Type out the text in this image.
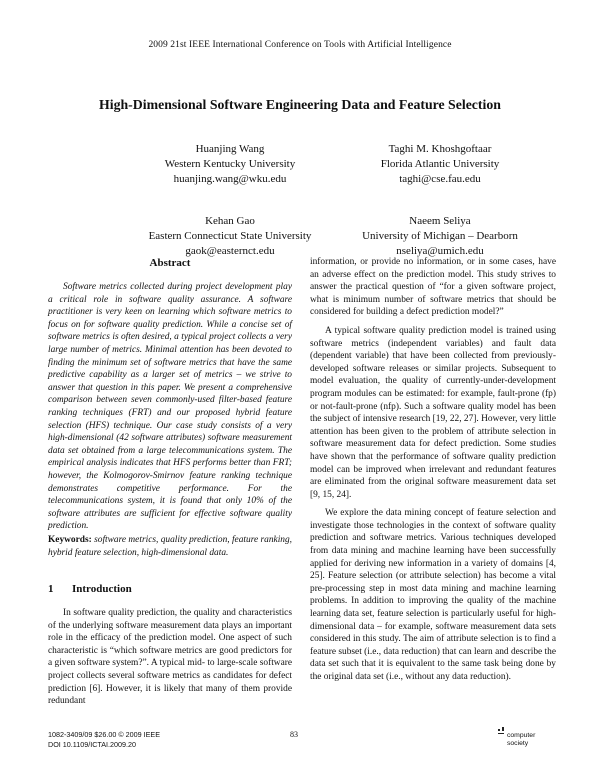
2009 21st IEEE International Conference on Tools with Artificial Intelligence
High-Dimensional Software Engineering Data and Feature Selection
Huanjing Wang
Western Kentucky University
huanjing.wang@wku.edu
Taghi M. Khoshgoftaar
Florida Atlantic University
taghi@cse.fau.edu
Kehan Gao
Eastern Connecticut State University
gaok@easternct.edu
Naeem Seliya
University of Michigan – Dearborn
nseliya@umich.edu
Abstract

Software metrics collected during project development play a critical role in software quality assurance. A software practitioner is very keen on learning which software metrics to focus on for software quality prediction. While a concise set of software metrics is often desired, a typical project collects a very large number of metrics. Minimal attention has been devoted to finding the minimum set of software metrics that have the same predictive capability as a larger set of metrics – we strive to answer that question in this paper. We present a comprehensive comparison between seven commonly-used filter-based feature ranking techniques (FRT) and our proposed hybrid feature selection (HFS) technique. Our case study consists of a very high-dimensional (42 software attributes) software measurement data set obtained from a large telecommunications system. The empirical analysis indicates that HFS performs better than FRT; however, the Kolmogorov-Smirnov feature ranking technique demonstrates competitive performance. For the telecommunications system, it is found that only 10% of the software attributes are sufficient for effective software quality prediction.

Keywords: software metrics, quality prediction, feature ranking, hybrid feature selection, high-dimensional data.
1 Introduction

In software quality prediction, the quality and characteristics of the underlying software measurement data plays an important role in the efficacy of the prediction model. One aspect of such characteristic is “which software metrics are good predictors for a given software system?”. A typical mid- to large-scale software project collects several software metrics as candidates for defect prediction [6]. However, it is likely that many of them provide redundant

information, or provide no information, or in some cases, have an adverse effect on the prediction model. This study strives to answer the practical question of “for a given software project, what is minimum number of software metrics that should be considered for building a defect prediction model?”

A typical software quality prediction model is trained using software metrics (independent variables) and fault data (dependent variable) that have been collected from previously-developed software releases or similar projects. Subsequent to model evaluation, the quality of currently-under-development program modules can be estimated: for example, fault-prone (fp) or not-fault-prone (nfp). Such a software quality model has been the subject of intensive research [19, 22, 27]. However, very little attention has been given to the problem of attribute selection in software measurement data for defect prediction. Some studies have shown that the performance of software quality prediction model can be improved when irrelevant and redundant features are eliminated from the original software measurement data set [9, 15, 24].

We explore the data mining concept of feature selection and investigate those technologies in the context of software quality prediction and software metrics. Various techniques developed from data mining and machine learning have been successfully applied for deriving new information in a variety of domains [4, 25]. Feature selection (or attribute selection) has become a vital pre-processing step in most data mining and machine learning problems. In addition to improving the quality of the machine learning data set, feature selection is particularly useful for high-dimensional data – for example, software measurement data sets considered in this study. The aim of attribute selection is to find a feature subset (i.e., data reduction) that can learn and describe the data set such that it is equivalent to the same task being done by the original data set (i.e., without any data reduction).

1082-3409/09 $26.00 © 2009 IEEE
DOI 10.1109/ICTAI.2009.20
83	computer
society
